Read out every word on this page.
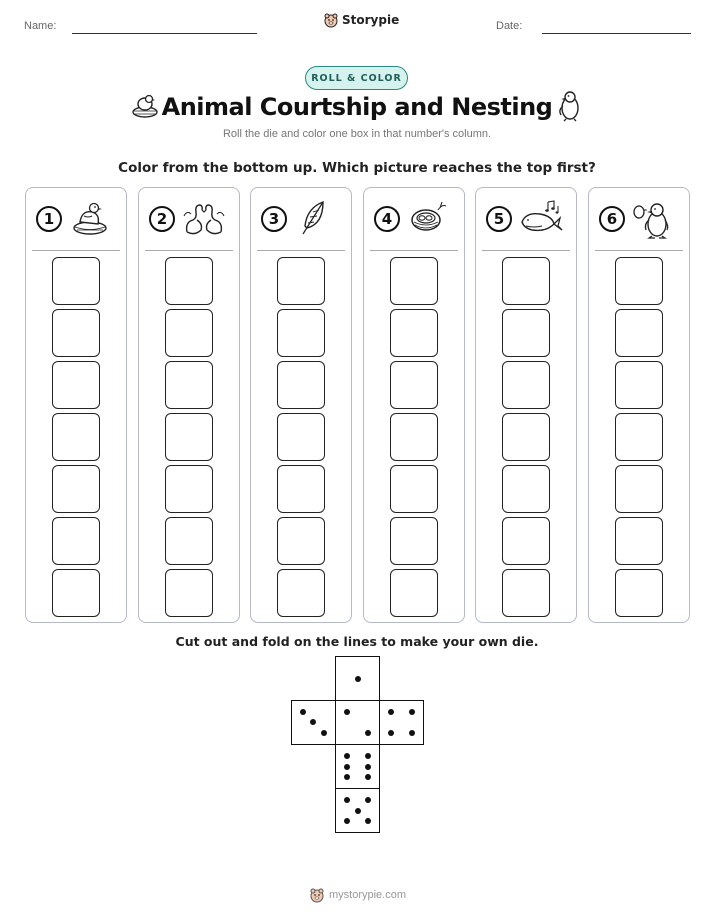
Name:	Storypie	Date:
ROLL & COLOR
Animal Courtship and Nesting
Roll the die and color one box in that number's column.
Color from the bottom up. Which picture reaches the top first?
1	2	3	4	5	6
Cut out and fold on the lines to make your own die.
mystorypie.com
